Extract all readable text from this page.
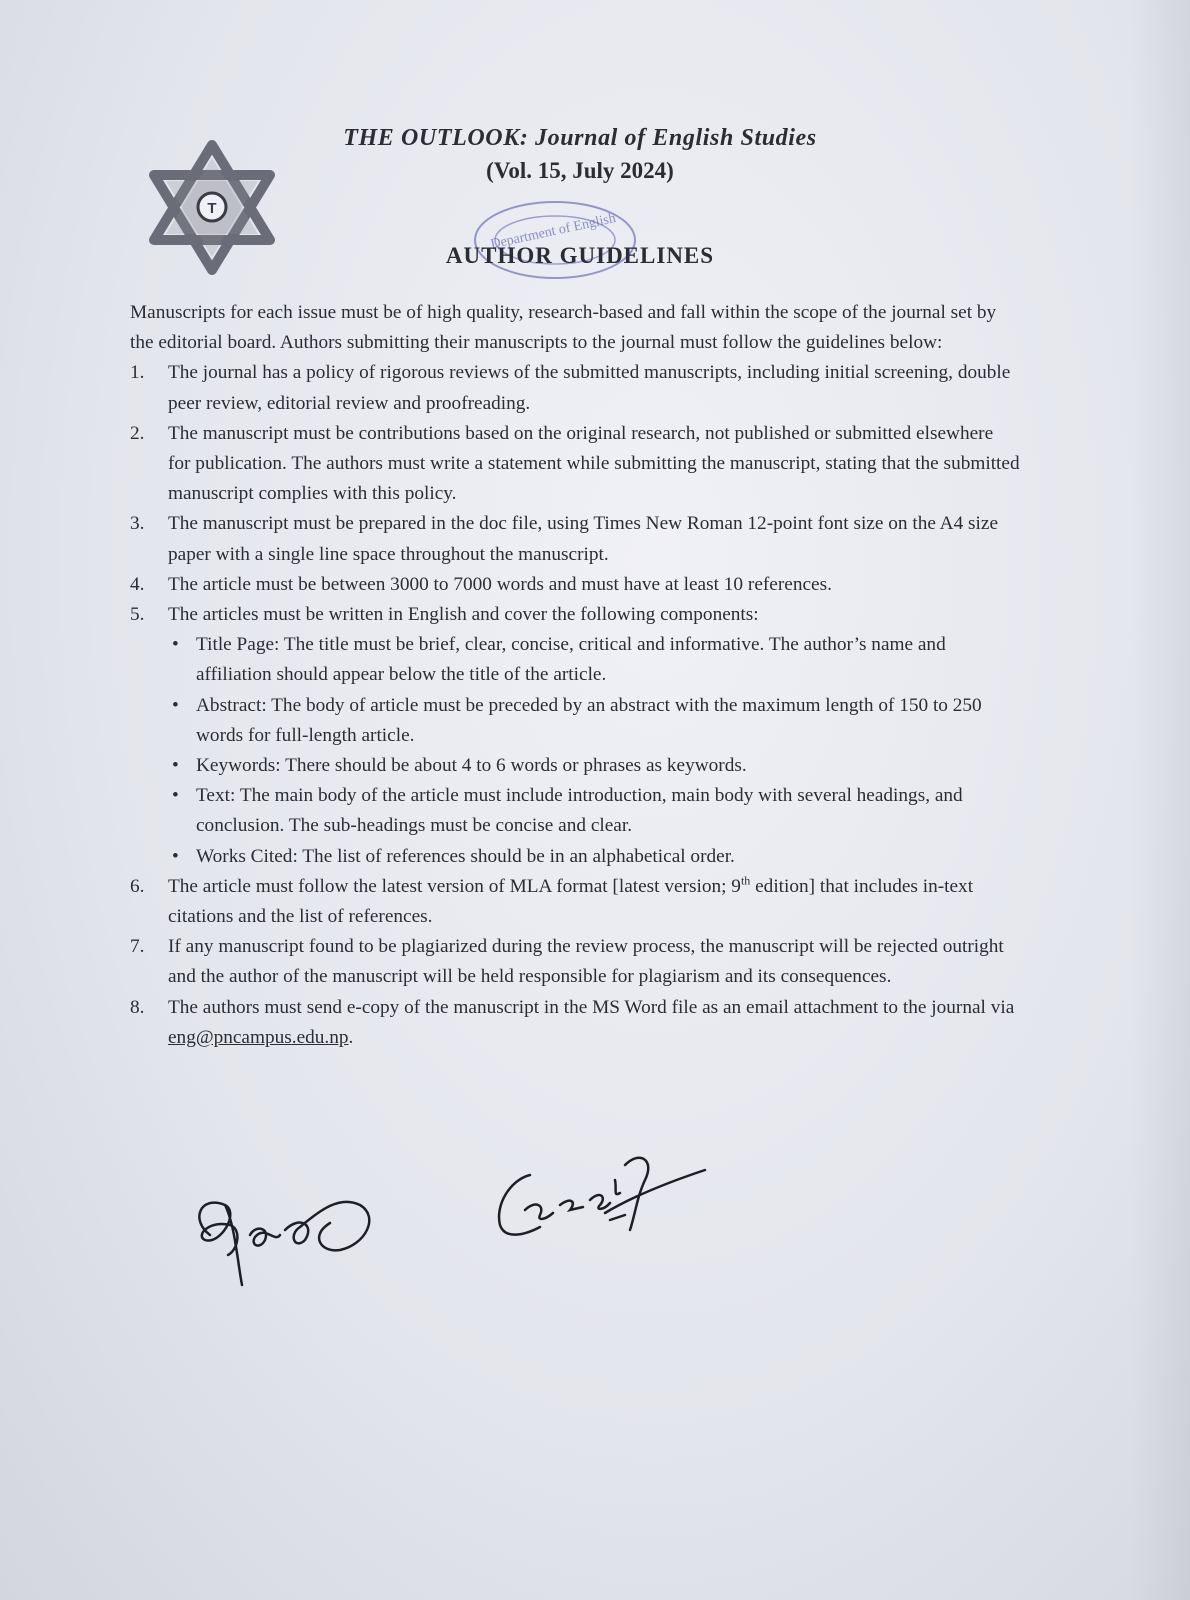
T
THE OUTLOOK: Journal of English Studies
(Vol. 15, July 2024)
Department of English
AUTHOR GUIDELINES

Manuscripts for each issue must be of high quality, research-based and fall within the scope of the journal set by the editorial board. Authors submitting their manuscripts to the journal must follow the guidelines below:

1. The journal has a policy of rigorous reviews of the submitted manuscripts, including initial screening, double peer review, editorial review and proofreading.
2. The manuscript must be contributions based on the original research, not published or submitted elsewhere for publication. The authors must write a statement while submitting the manuscript, stating that the submitted manuscript complies with this policy.
3. The manuscript must be prepared in the doc file, using Times New Roman 12-point font size on the A4 size paper with a single line space throughout the manuscript.
4. The article must be between 3000 to 7000 words and must have at least 10 references.
5. The articles must be written in English and cover the following components:
• Title Page: The title must be brief, clear, concise, critical and informative. The author’s name and affiliation should appear below the title of the article.
• Abstract: The body of article must be preceded by an abstract with the maximum length of 150 to 250 words for full-length article.
• Keywords: There should be about 4 to 6 words or phrases as keywords.
• Text: The main body of the article must include introduction, main body with several headings, and conclusion. The sub-headings must be concise and clear.
• Works Cited: The list of references should be in an alphabetical order.
6. The article must follow the latest version of MLA format [latest version; 9th edition] that includes in-text citations and the list of references.
7. If any manuscript found to be plagiarized during the review process, the manuscript will be rejected outright and the author of the manuscript will be held responsible for plagiarism and its consequences.
8. The authors must send e-copy of the manuscript in the MS Word file as an email attachment to the journal via eng@pncampus.edu.np.
